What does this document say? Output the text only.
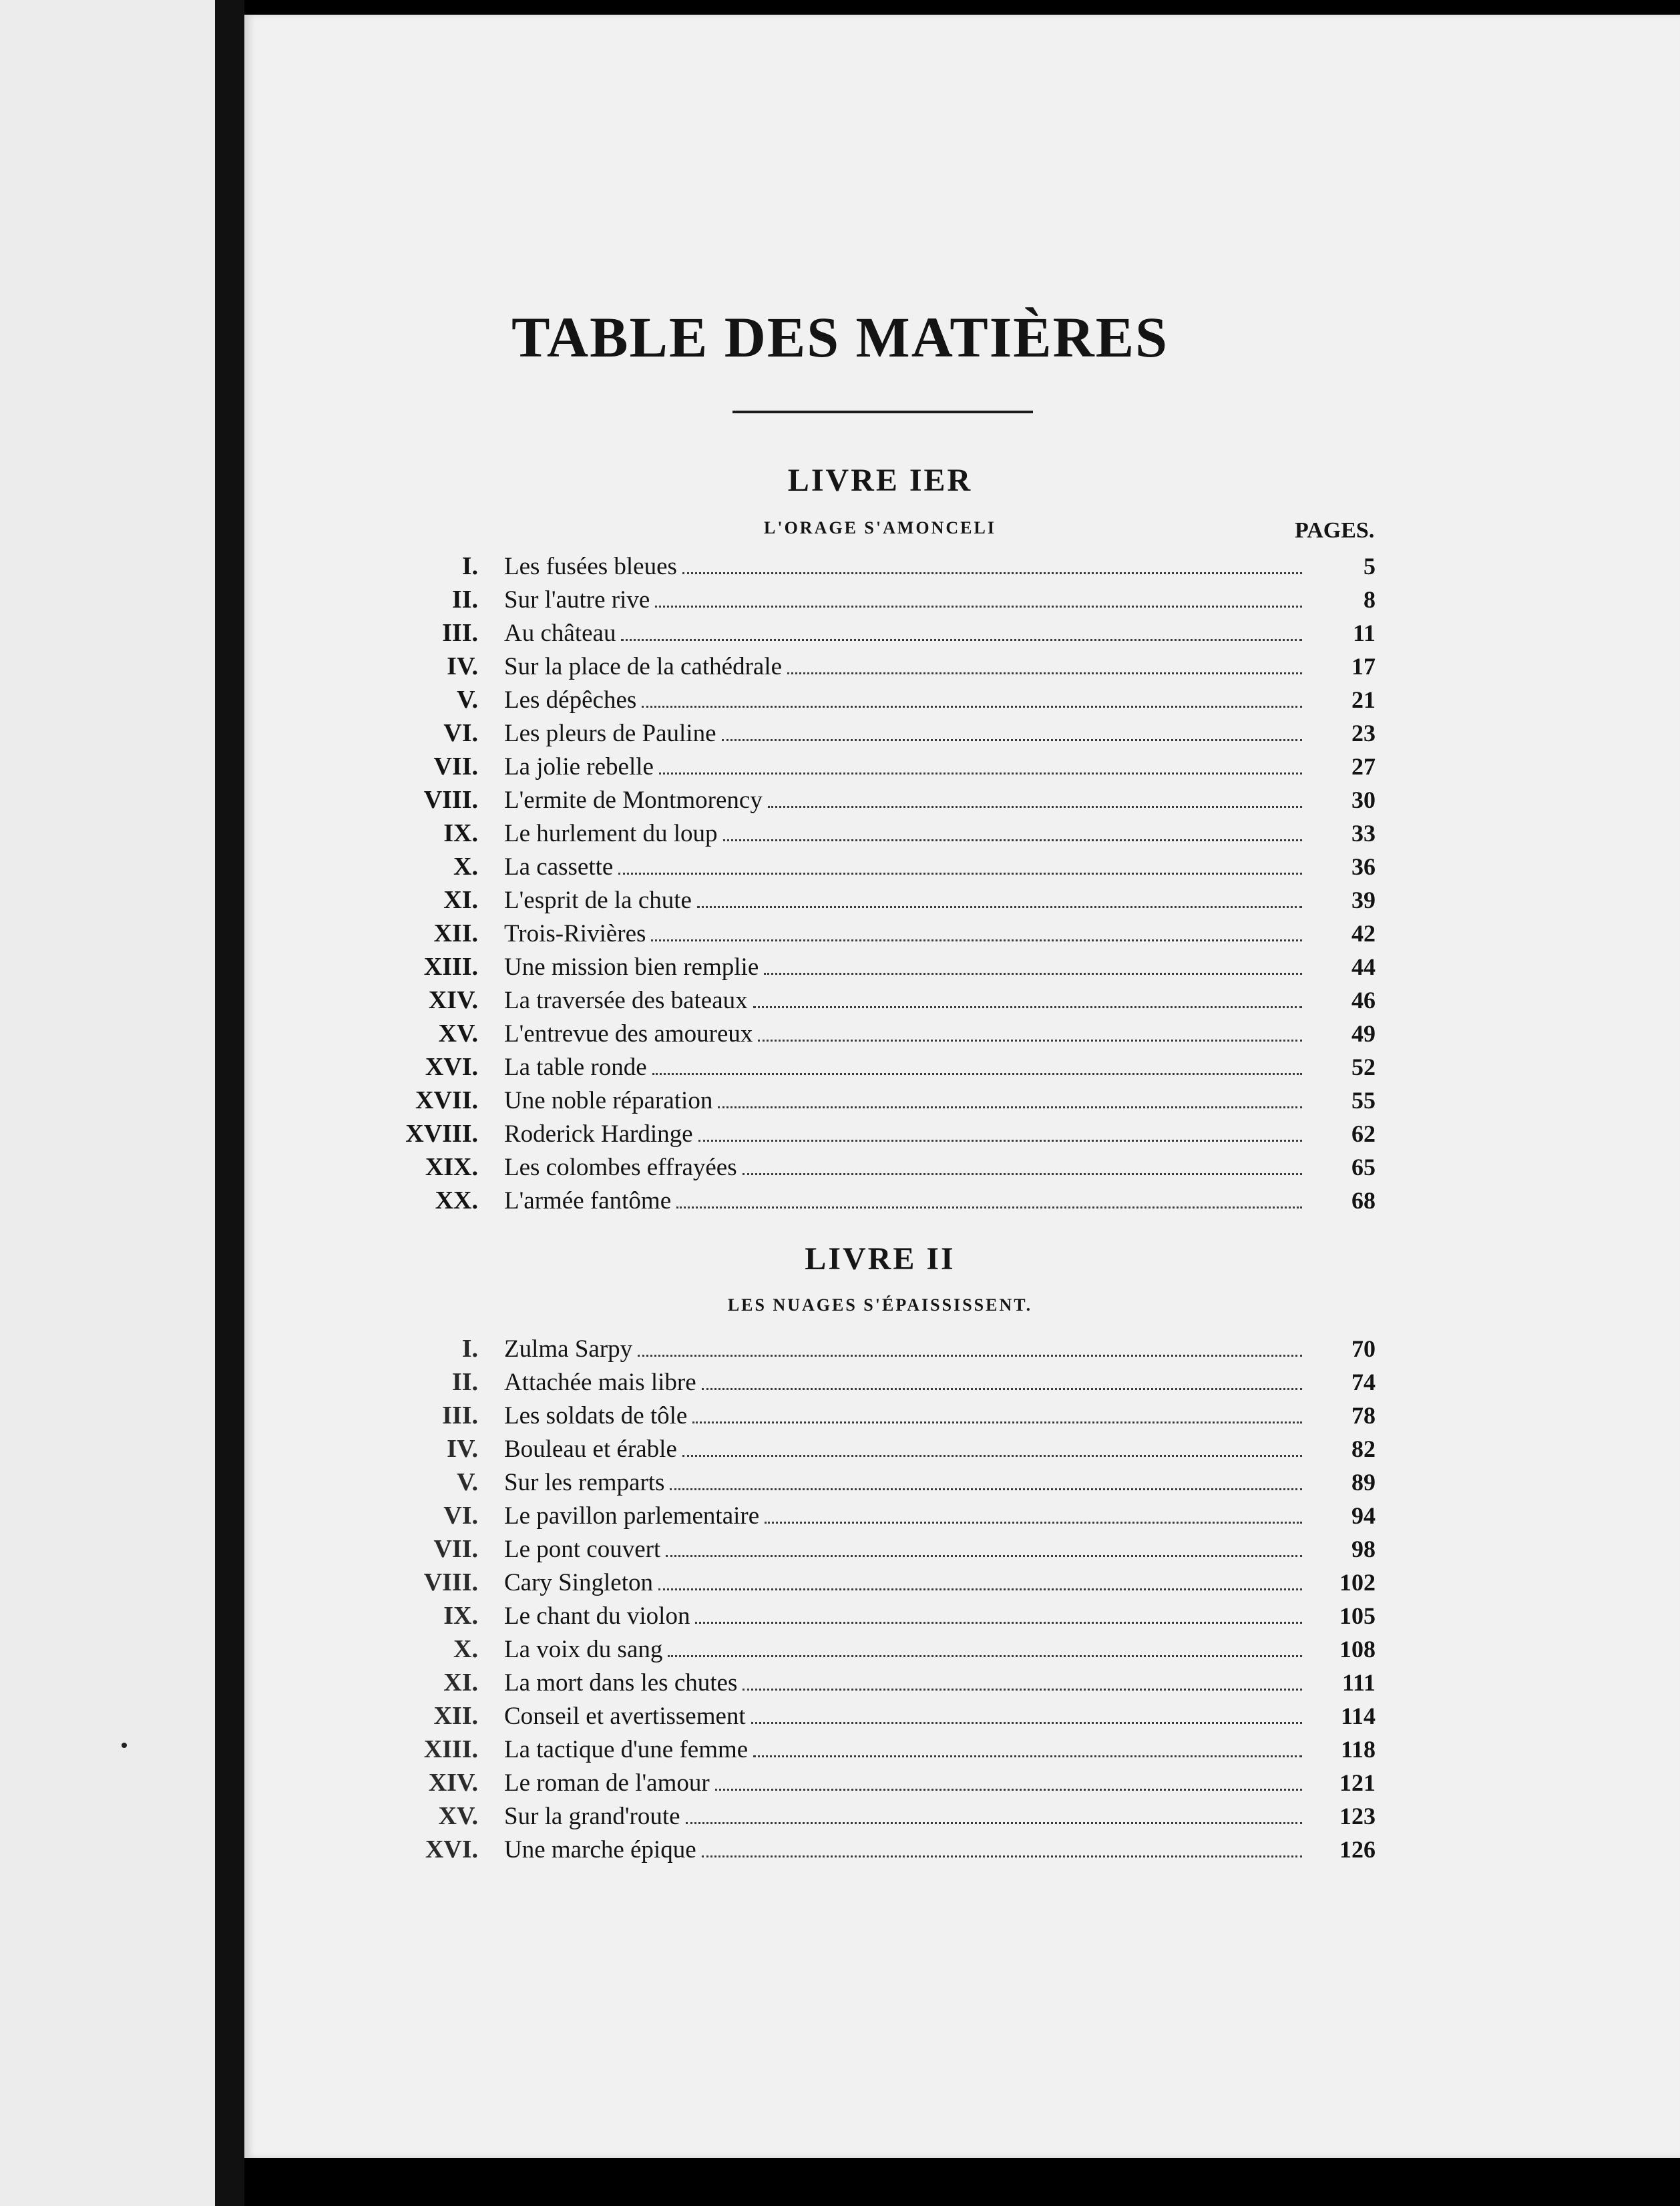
TABLE DES MATIÈRES
LIVRE IER
L'ORAGE S'AMONCELI	PAGES.
I. Les fusées bleues	5
II. Sur l'autre rive	8
III. Au château	11
IV. Sur la place de la cathédrale	17
V. Les dépêches	21
VI. Les pleurs de Pauline	23
VII. La jolie rebelle	27
VIII. L'ermite de Montmorency	30
IX. Le hurlement du loup	33
X. La cassette	36
XI. L'esprit de la chute	39
XII. Trois-Rivières	42
XIII. Une mission bien remplie	44
XIV. La traversée des bateaux	46
XV. L'entrevue des amoureux	49
XVI. La table ronde	52
XVII. Une noble réparation	55
XVIII. Roderick Hardinge	62
XIX. Les colombes effrayées	65
XX. L'armée fantôme	68
LIVRE II
LES NUAGES S'ÉPAISSISSENT.
I. Zulma Sarpy	70
II. Attachée mais libre	74
III. Les soldats de tôle	78
IV. Bouleau et érable	82
V. Sur les remparts	89
VI. Le pavillon parlementaire	94
VII. Le pont couvert	98
VIII. Cary Singleton	102
IX. Le chant du violon	105
X. La voix du sang	108
XI. La mort dans les chutes	111
XII. Conseil et avertissement	114
XIII. La tactique d'une femme	118
XIV. Le roman de l'amour	121
XV. Sur la grand'route	123
XVI. Une marche épique	126
